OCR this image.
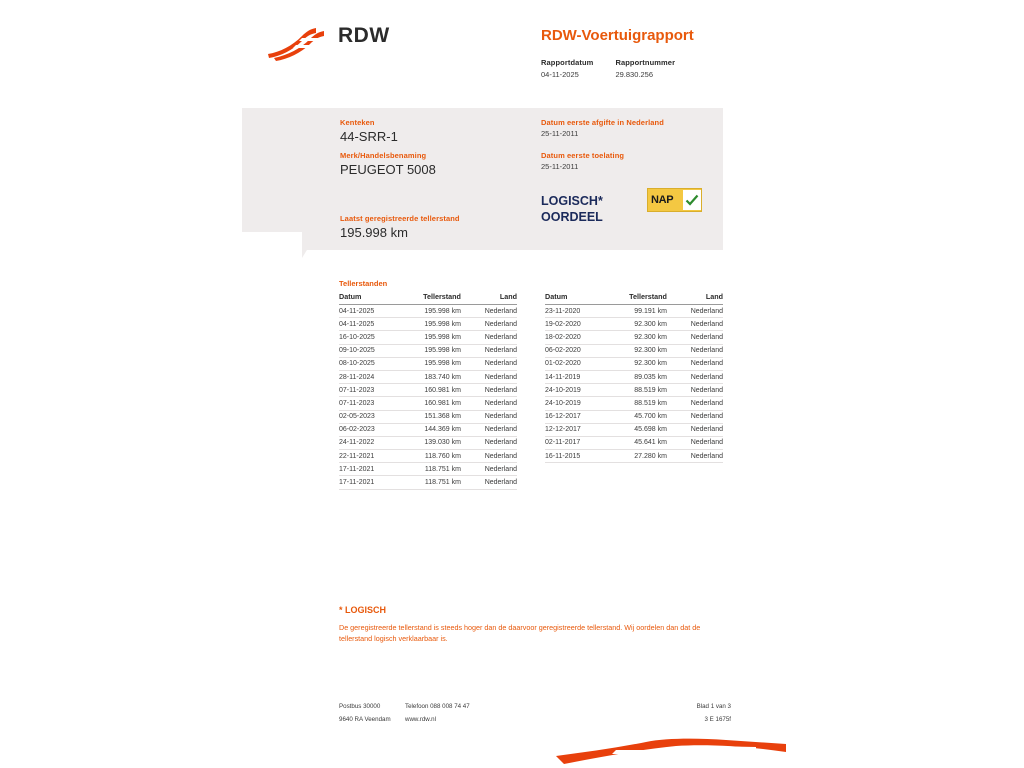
RDW	RDW-Voertuigrapport
Rapportdatum
04-11-2025
Rapportnummer
29.830.256
Kenteken
44-SRR-1
Merk/Handelsbenaming
PEUGEOT 5008
Laatst geregistreerde tellerstand
195.998 km
Datum eerste afgifte in Nederland
25-11-2011
Datum eerste toelating
25-11-2011
LOGISCH*
OORDEEL
NAP
Tellerstanden
Datum	Tellerstand	Land
04-11-2025	195.998 km	Nederland
04-11-2025	195.998 km	Nederland
16-10-2025	195.998 km	Nederland
09-10-2025	195.998 km	Nederland
08-10-2025	195.998 km	Nederland
28-11-2024	183.740 km	Nederland
07-11-2023	160.981 km	Nederland
07-11-2023	160.981 km	Nederland
02-05-2023	151.368 km	Nederland
06-02-2023	144.369 km	Nederland
24-11-2022	139.030 km	Nederland
22-11-2021	118.760 km	Nederland
17-11-2021	118.751 km	Nederland
17-11-2021	118.751 km	Nederland
Datum	Tellerstand	Land
23-11-2020	99.191 km	Nederland
19-02-2020	92.300 km	Nederland
18-02-2020	92.300 km	Nederland
06-02-2020	92.300 km	Nederland
01-02-2020	92.300 km	Nederland
14-11-2019	89.035 km	Nederland
24-10-2019	88.519 km	Nederland
24-10-2019	88.519 km	Nederland
16-12-2017	45.700 km	Nederland
12-12-2017	45.698 km	Nederland
02-11-2017	45.641 km	Nederland
16-11-2015	27.280 km	Nederland
* LOGISCH
De geregistreerde tellerstand is steeds hoger dan de daarvoor geregistreerde tellerstand. Wij oordelen dan dat de tellerstand logisch verklaarbaar is.
Postbus 30000	Telefoon 088 008 74 47	Blad 1 van 3
9640 RA Veendam	www.rdw.nl	3 E 1675f
